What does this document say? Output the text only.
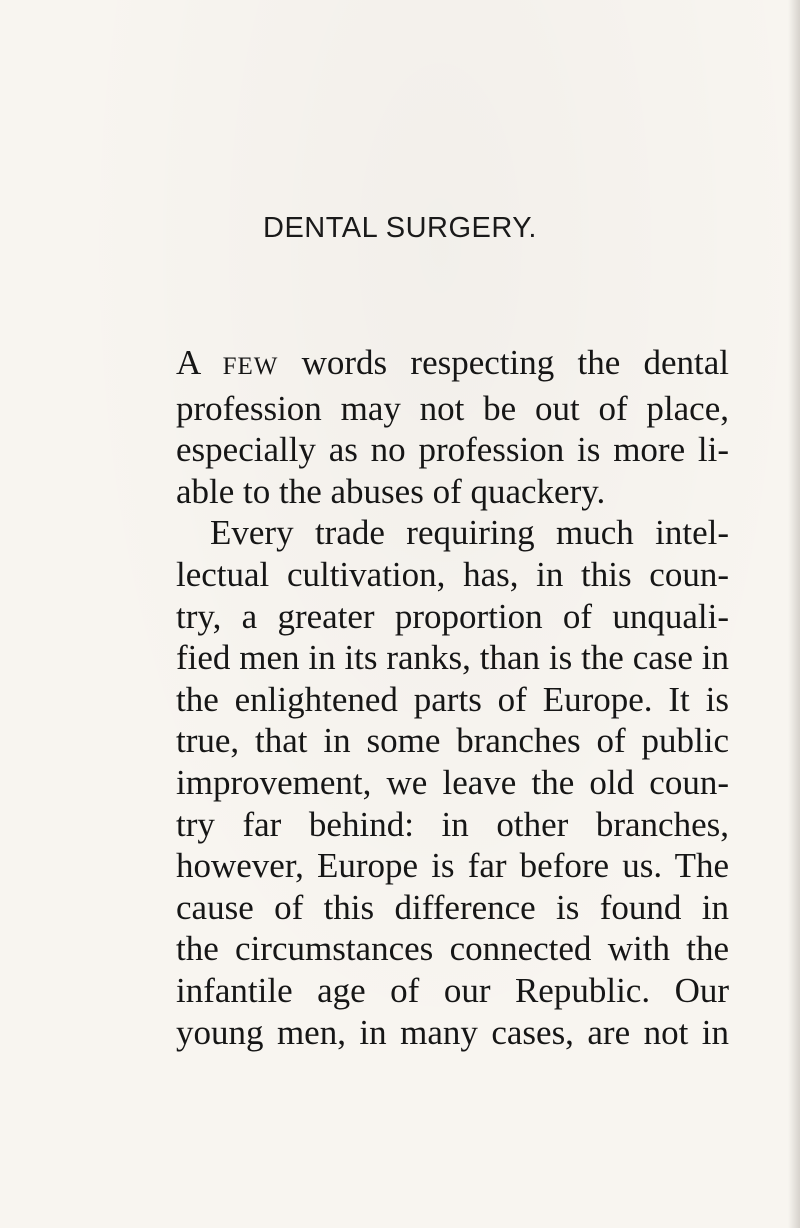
DENTAL SURGERY.

A FEW words respecting the dental
profession may not be out of place,
especially as no profession is more li-
able to the abuses of quackery.

Every trade requiring much intel-
lectual cultivation, has, in this coun-
try, a greater proportion of unquali-
fied men in its ranks, than is the case in
the enlightened parts of Europe. It is
true, that in some branches of public
improvement, we leave the old coun-
try far behind: in other branches,
however, Europe is far before us. The
cause of this difference is found in
the circumstances connected with the
infantile age of our Republic. Our
young men, in many cases, are not in
